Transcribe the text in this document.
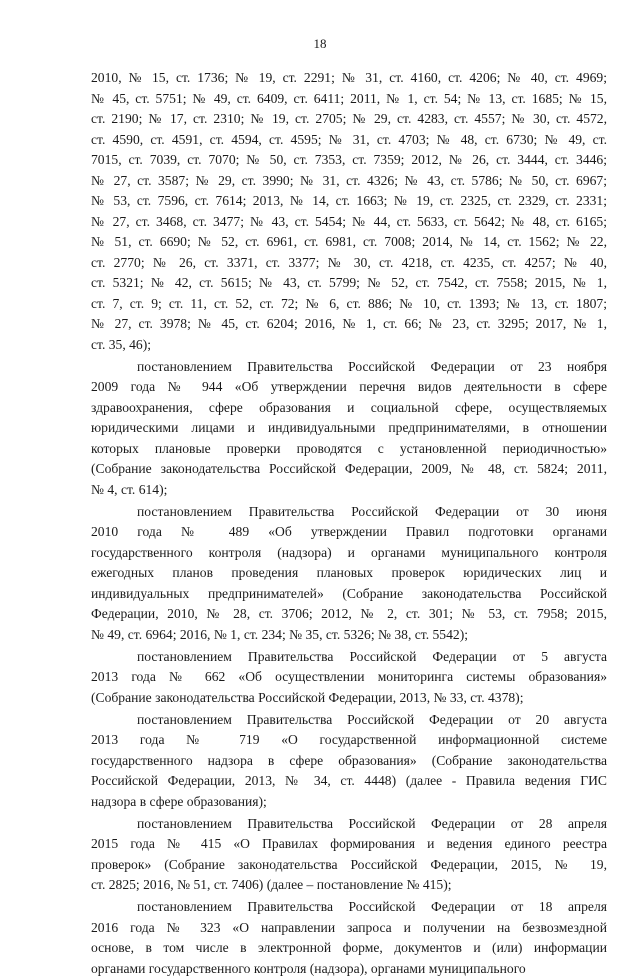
18
2010, № 15, ст. 1736; № 19, ст. 2291; № 31, ст. 4160, ст. 4206; № 40, ст. 4969;
№ 45, ст. 5751; № 49, ст. 6409, ст. 6411; 2011, № 1, ст. 54; № 13, ст. 1685; № 15,
ст. 2190; № 17, ст. 2310; № 19, ст. 2705; № 29, ст. 4283, ст. 4557; № 30, ст. 4572,
ст. 4590, ст. 4591, ст. 4594, ст. 4595; № 31, ст. 4703; № 48, ст. 6730; № 49, ст.
7015, ст. 7039, ст. 7070; № 50, ст. 7353, ст. 7359; 2012, № 26, ст. 3444, ст. 3446;
№ 27, ст. 3587; № 29, ст. 3990; № 31, ст. 4326; № 43, ст. 5786; № 50, ст. 6967;
№ 53, ст. 7596, ст. 7614; 2013, № 14, ст. 1663; № 19, ст. 2325, ст. 2329, ст. 2331;
№ 27, ст. 3468, ст. 3477; № 43, ст. 5454; № 44, ст. 5633, ст. 5642; № 48, ст. 6165;
№ 51, ст. 6690; № 52, ст. 6961, ст. 6981, ст. 7008; 2014, № 14, ст. 1562; № 22,
ст. 2770; № 26, ст. 3371, ст. 3377; № 30, ст. 4218, ст. 4235, ст. 4257; № 40,
ст. 5321; № 42, ст. 5615; № 43, ст. 5799; № 52, ст. 7542, ст. 7558; 2015, № 1,
ст. 7, ст. 9; ст. 11, ст. 52, ст. 72; № 6, ст. 886; № 10, ст. 1393; № 13, ст. 1807;
№ 27, ст. 3978; № 45, ст. 6204; 2016, № 1, ст. 66; № 23, ст. 3295; 2017, № 1,
ст. 35, 46);
постановлением Правительства Российской Федерации от 23 ноября
2009 года № 944 «Об утверждении перечня видов деятельности в сфере
здравоохранения, сфере образования и социальной сфере, осуществляемых
юридическими лицами и индивидуальными предпринимателями, в отношении
которых плановые проверки проводятся с установленной периодичностью»
(Собрание законодательства Российской Федерации, 2009, № 48, ст. 5824; 2011,
№ 4, ст. 614);
постановлением Правительства Российской Федерации от 30 июня
2010 года № 489 «Об утверждении Правил подготовки органами
государственного контроля (надзора) и органами муниципального контроля
ежегодных планов проведения плановых проверок юридических лиц и
индивидуальных предпринимателей» (Собрание законодательства Российской
Федерации, 2010, № 28, ст. 3706; 2012, № 2, ст. 301; № 53, ст. 7958; 2015,
№ 49, ст. 6964; 2016, № 1, ст. 234; № 35, ст. 5326; № 38, ст. 5542);
постановлением Правительства Российской Федерации от 5 августа
2013 года № 662 «Об осуществлении мониторинга системы образования»
(Собрание законодательства Российской Федерации, 2013, № 33, ст. 4378);
постановлением Правительства Российской Федерации от 20 августа
2013 года № 719 «О государственной информационной системе
государственного надзора в сфере образования» (Собрание законодательства
Российской Федерации, 2013, № 34, ст. 4448) (далее - Правила ведения ГИС
надзора в сфере образования);
постановлением Правительства Российской Федерации от 28 апреля
2015 года № 415 «О Правилах формирования и ведения единого реестра
проверок» (Собрание законодательства Российской Федерации, 2015, № 19,
ст. 2825; 2016, № 51, ст. 7406) (далее – постановление № 415);
постановлением Правительства Российской Федерации от 18 апреля
2016 года № 323 «О направлении запроса и получении на безвозмездной
основе, в том числе в электронной форме, документов и (или) информации
органами государственного контроля (надзора), органами муниципального
